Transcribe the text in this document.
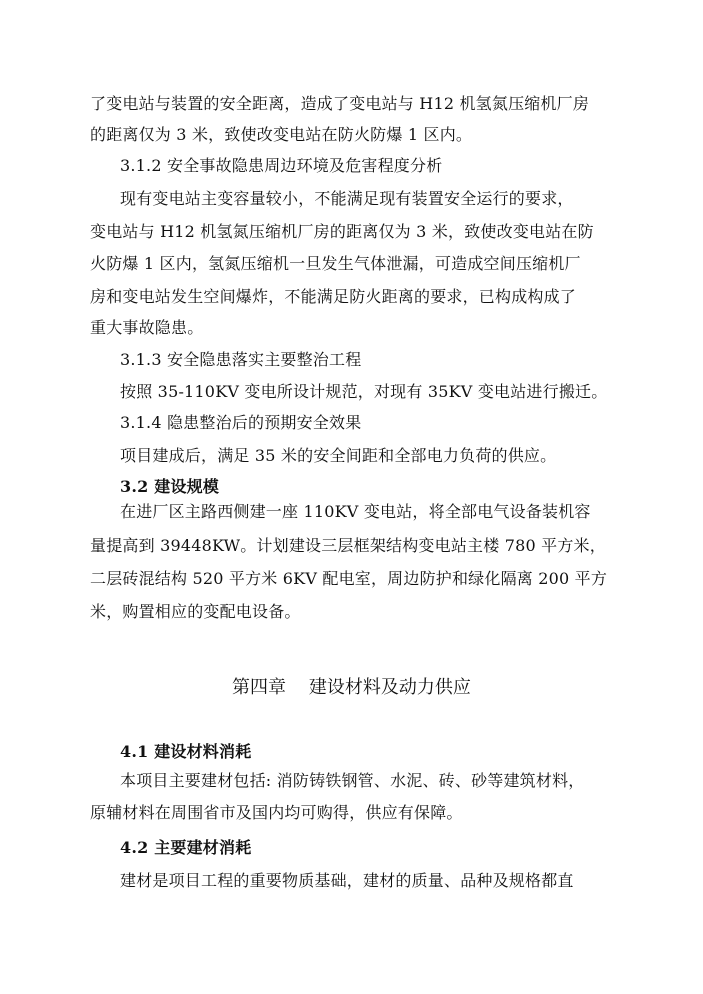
了变电站与装置的安全距离，造成了变电站与 H12 机氢氮压缩机厂房
的距离仅为 3 米，致使改变电站在防火防爆 1 区内。
3.1.2 安全事故隐患周边环境及危害程度分析
现有变电站主变容量较小，不能满足现有装置安全运行的要求，
变电站与 H12 机氢氮压缩机厂房的距离仅为 3 米，致使改变电站在防
火防爆 1 区内，氢氮压缩机一旦发生气体泄漏，可造成空间压缩机厂
房和变电站发生空间爆炸，不能满足防火距离的要求，已构成构成了
重大事故隐患。
3.1.3 安全隐患落实主要整治工程
按照 35-110KV 变电所设计规范，对现有 35KV 变电站进行搬迁。
3.1.4 隐患整治后的预期安全效果
项目建成后，满足 35 米的安全间距和全部电力负荷的供应。
3.2 建设规模
在进厂区主路西侧建一座 110KV 变电站，将全部电气设备装机容
量提高到 39448KW。计划建设三层框架结构变电站主楼 780 平方米，
二层砖混结构 520 平方米 6KV 配电室，周边防护和绿化隔离 200 平方
米，购置相应的变配电设备。
第四章    建设材料及动力供应
4.1 建设材料消耗
本项目主要建材包括: 消防铸铁钢管、水泥、砖、砂等建筑材料，
原辅材料在周围省市及国内均可购得，供应有保障。
4.2 主要建材消耗
建材是项目工程的重要物质基础，建材的质量、品种及规格都直
